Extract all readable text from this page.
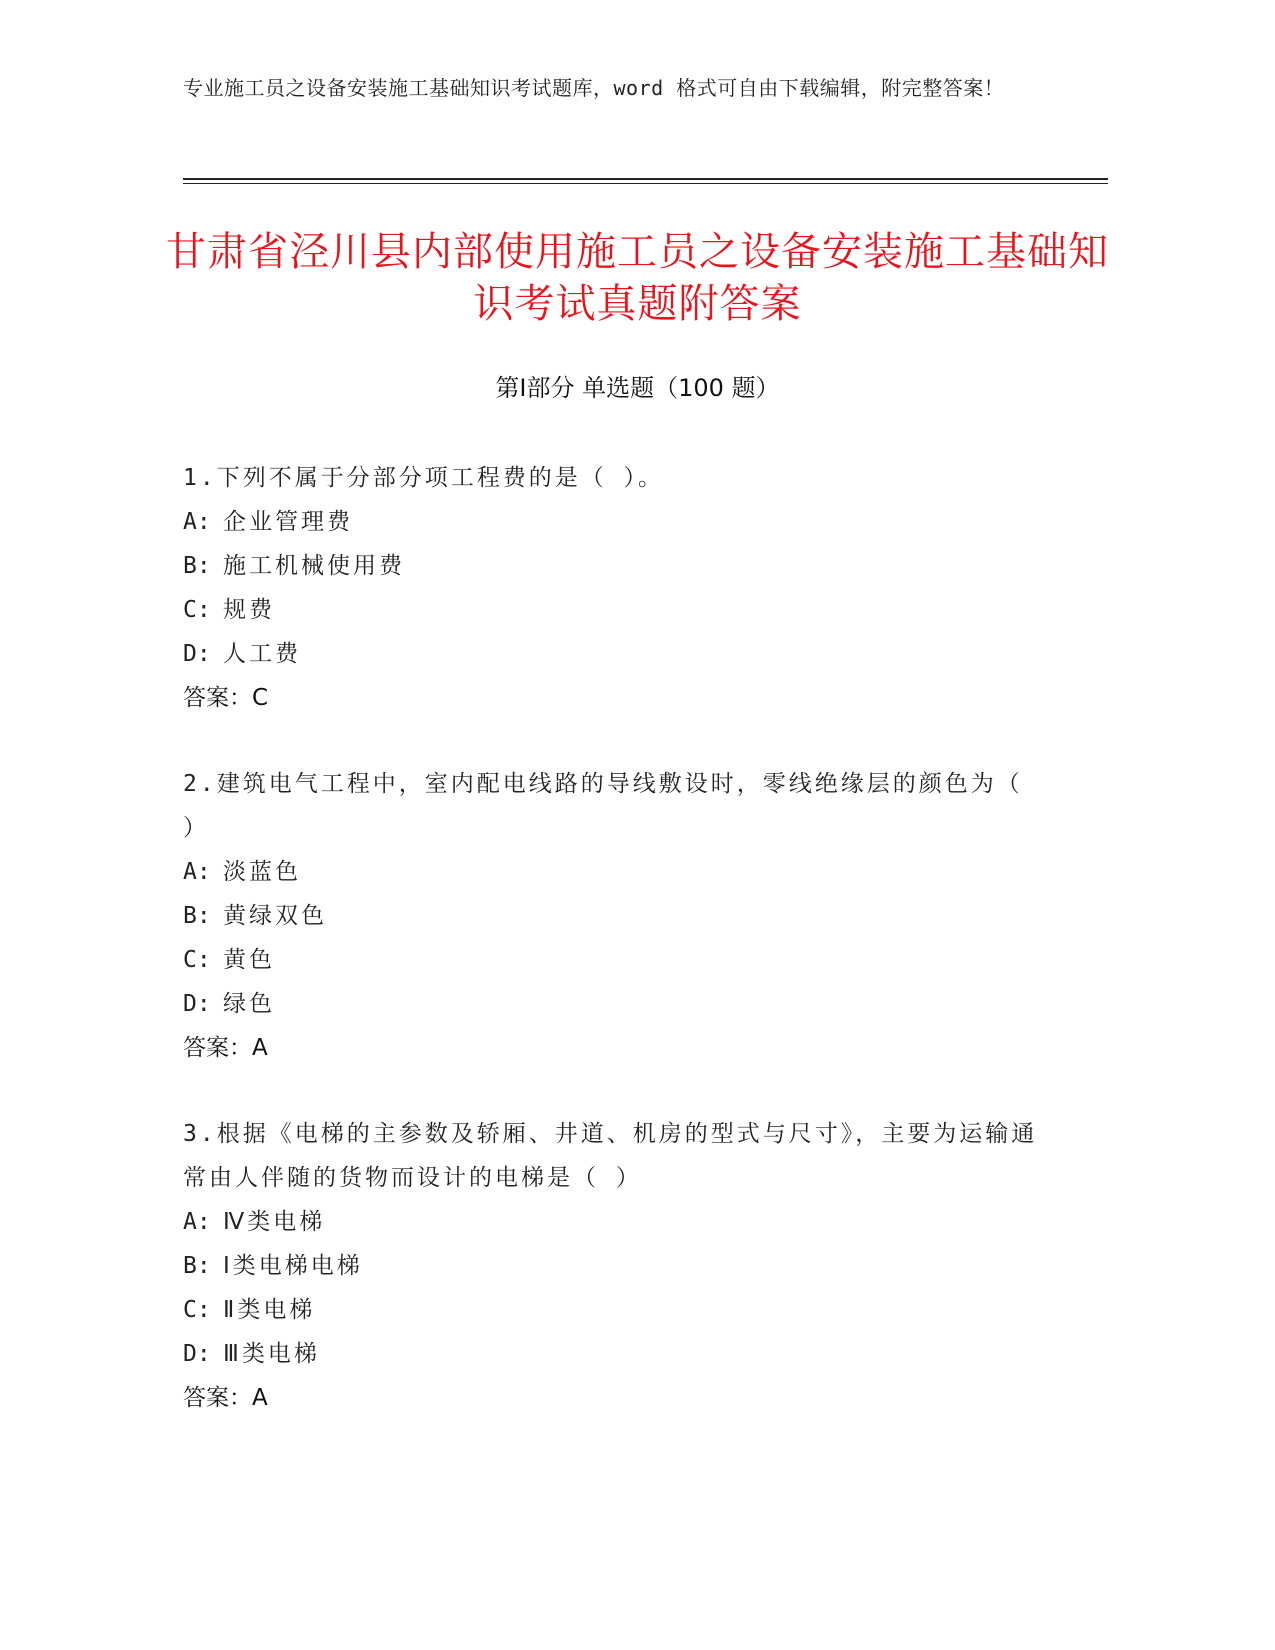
专业施工员之设备安装施工基础知识考试题库，word 格式可自由下载编辑，附完整答案！
甘肃省泾川县内部使用施工员之设备安装施工基础知识考试真题附答案
第Ⅰ部分 单选题（100 题）

1.下列不属于分部分项工程费的是（ ）。

A: 企业管理费

B: 施工机械使用费

C: 规费

D: 人工费

答案：C

2.建筑电气工程中，室内配电线路的导线敷设时，零线绝缘层的颜色为（ ）

A: 淡蓝色

B: 黄绿双色

C: 黄色

D: 绿色

答案：A

3.根据《电梯的主参数及轿厢、井道、机房的型式与尺寸》，主要为运输通常由人伴随的货物而设计的电梯是（ ）

A: Ⅳ类电梯

B: Ⅰ类电梯电梯

C: Ⅱ类电梯

D: Ⅲ类电梯

答案：A
